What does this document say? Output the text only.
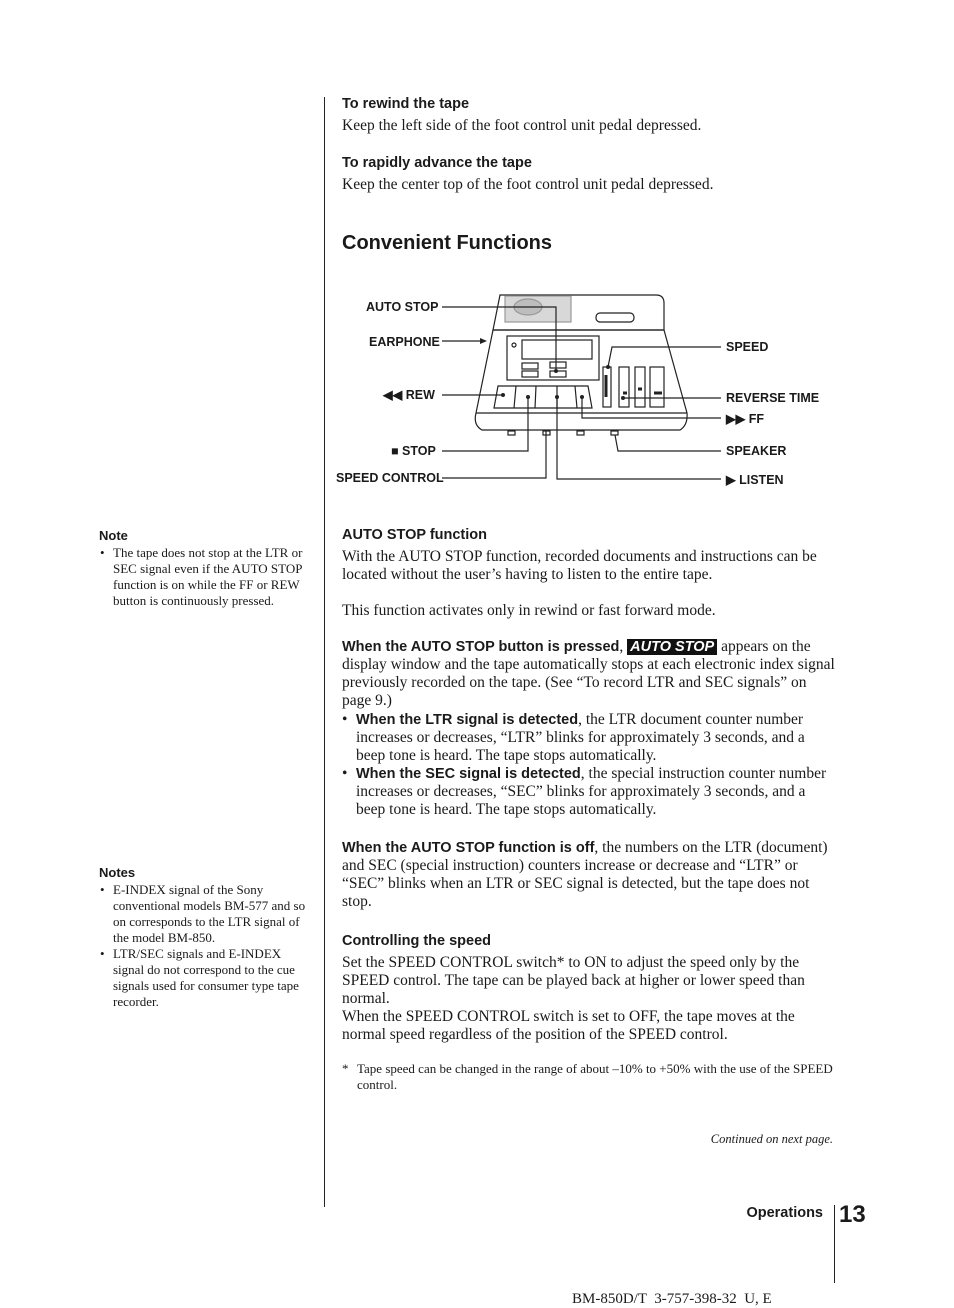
To rewind the tape
Keep the left side of the foot control unit pedal depressed.
To rapidly advance the tape
Keep the center top of the foot control unit pedal depressed.
Convenient Functions
AUTO STOP
EARPHONE
◀◀ REW
■ STOP
SPEED CONTROL
SPEED
REVERSE TIME
▶▶ FF
SPEAKER
▶ LISTEN
Note
• The tape does not stop at the LTR or SEC signal even if the AUTO STOP function is on while the FF or REW button is continuously pressed.
Notes
• E-INDEX signal of the Sony conventional models BM-577 and so on corresponds to the LTR signal of the model BM-850.
• LTR/SEC signals and E-INDEX signal do not correspond to the cue signals used for consumer type tape recorder.
AUTO STOP function
With the AUTO STOP function, recorded documents and instructions can be located without the user’s having to listen to the entire tape.
This function activates only in rewind or fast forward mode.
When the AUTO STOP button is pressed, AUTO STOP appears on the display window and the tape automatically stops at each electronic index signal previously recorded on the tape. (See “To record LTR and SEC signals” on page 9.)
• When the LTR signal is detected, the LTR document counter number increases or decreases, “LTR” blinks for approximately 3 seconds, and a beep tone is heard. The tape stops automatically.
• When the SEC signal is detected, the special instruction counter number increases or decreases, “SEC” blinks for approximately 3 seconds, and a beep tone is heard. The tape stops automatically.
When the AUTO STOP function is off, the numbers on the LTR (document) and SEC (special instruction) counters increase or decrease and “LTR” or “SEC” blinks when an LTR or SEC signal is detected, but the tape does not stop.
Controlling the speed
Set the SPEED CONTROL switch* to ON to adjust the speed only by the SPEED control. The tape can be played back at higher or lower speed than normal.
When the SPEED CONTROL switch is set to OFF, the tape moves at the normal speed regardless of the position of the SPEED control.
* Tape speed can be changed in the range of about –10% to +50% with the use of the SPEED control.
Continued on next page.
Operations 13
BM-850D/T  3-757-398-32  U, E
